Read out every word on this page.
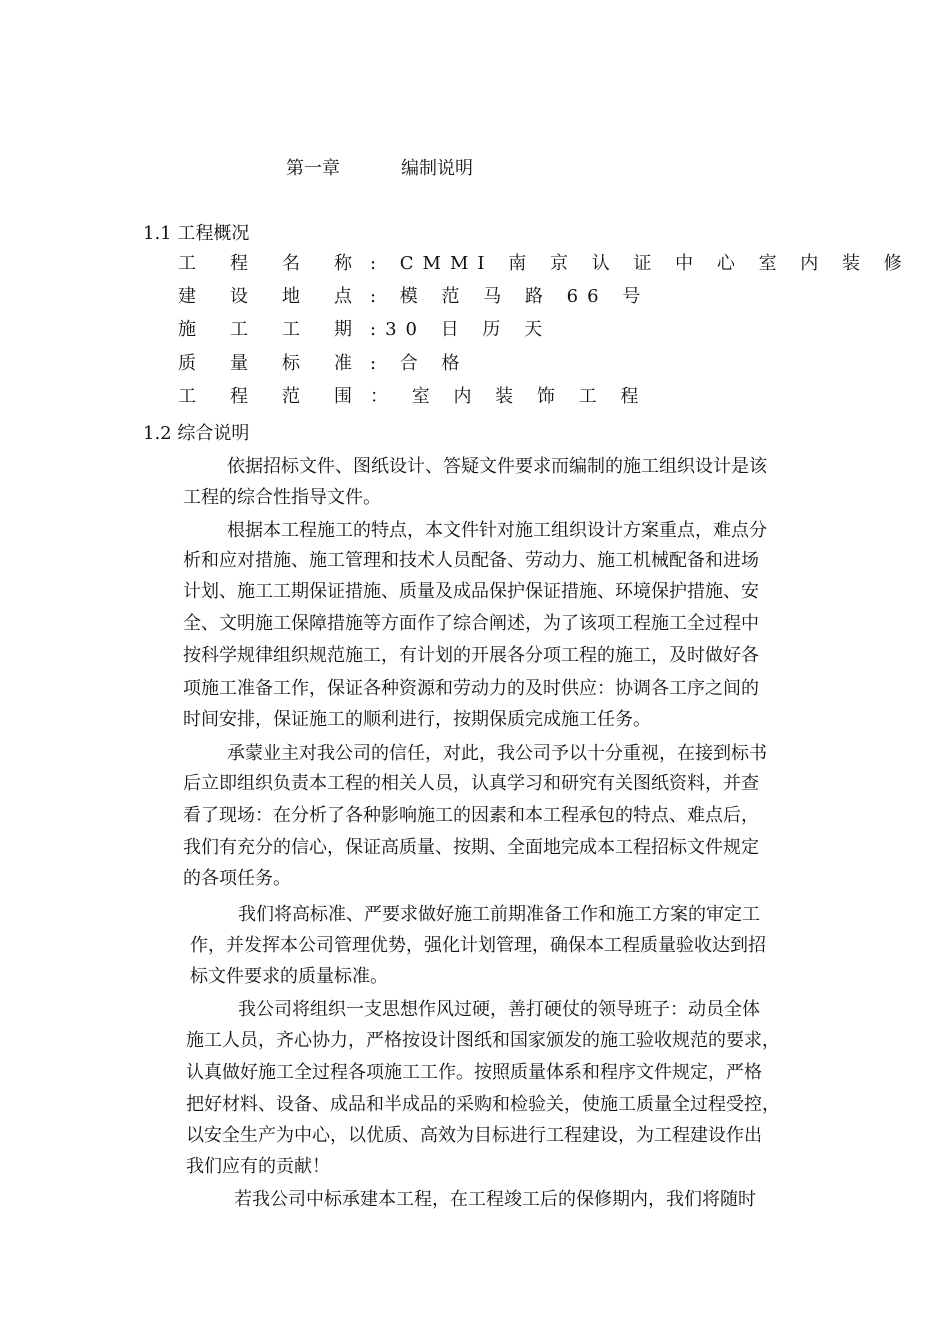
第一章	编制说明
1.1 工程概况
工 程 名 称 : CMMI 南 京 认 证 中 心 室 内 装 修
建 设 地 点 : 模 范 马 路 66 号
施 工 工 期 :30 日 历 天
质 量 标 准 : 合 格
工 程 范 围 ： 室 内 装 饰 工 程
1.2 综合说明
依据招标文件、图纸设计、答疑文件要求而编制的施工组织设计是该
工程的综合性指导文件。
根据本工程施工的特点，本文件针对施工组织设计方案重点，难点分
析和应对措施、施工管理和技术人员配备、劳动力、施工机械配备和进场
计划、施工工期保证措施、质量及成品保护保证措施、环境保护措施、安
全、文明施工保障措施等方面作了综合阐述，为了该项工程施工全过程中
按科学规律组织规范施工，有计划的开展各分项工程的施工，及时做好各
项施工准备工作，保证各种资源和劳动力的及时供应：协调各工序之间的
时间安排，保证施工的顺利进行，按期保质完成施工任务。
承蒙业主对我公司的信任，对此，我公司予以十分重视，在接到标书
后立即组织负责本工程的相关人员，认真学习和研究有关图纸资料，并查
看了现场：在分析了各种影响施工的因素和本工程承包的特点、难点后，
我们有充分的信心，保证高质量、按期、全面地完成本工程招标文件规定
的各项任务。
我们将高标准、严要求做好施工前期准备工作和施工方案的审定工
作，并发挥本公司管理优势，强化计划管理，确保本工程质量验收达到招
标文件要求的质量标准。
我公司将组织一支思想作风过硬，善打硬仗的领导班子：动员全体
施工人员，齐心协力，严格按设计图纸和国家颁发的施工验收规范的要求，
认真做好施工全过程各项施工工作。按照质量体系和程序文件规定，严格
把好材料、设备、成品和半成品的采购和检验关，使施工质量全过程受控，
以安全生产为中心，以优质、高效为目标进行工程建设，为工程建设作出
我们应有的贡献！
若我公司中标承建本工程，在工程竣工后的保修期内，我们将随时
